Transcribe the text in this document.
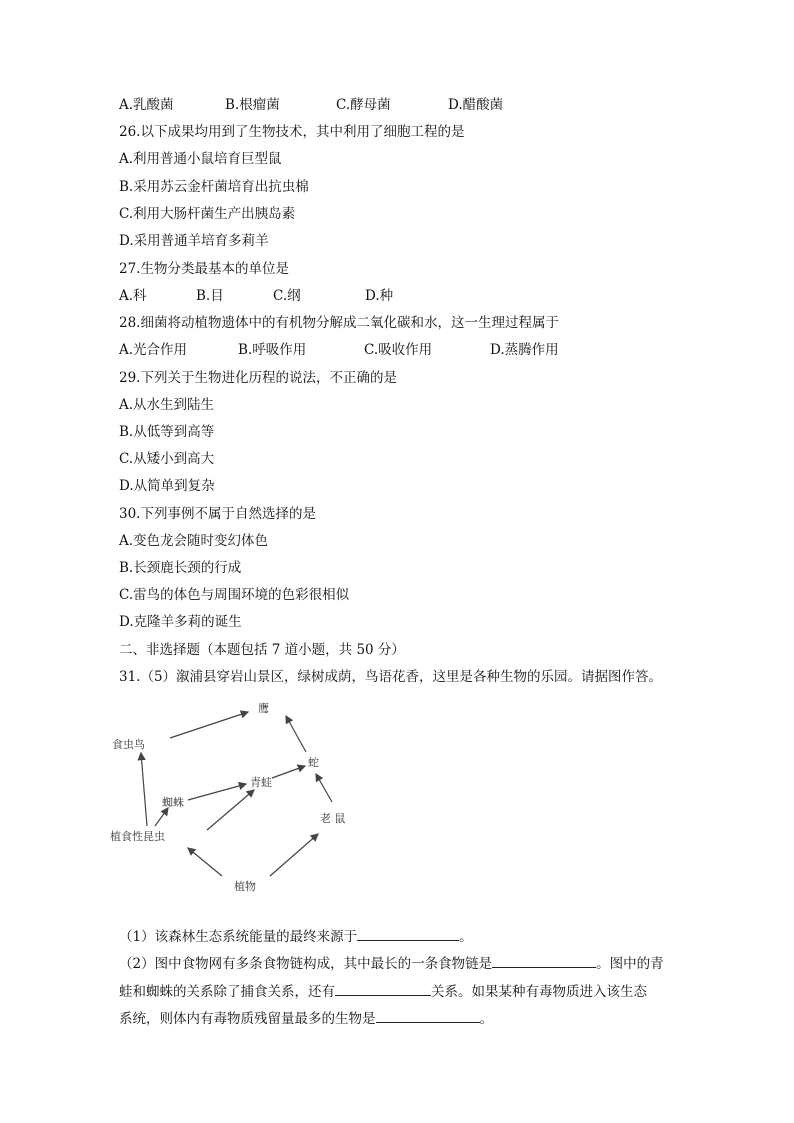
A.乳酸菌	B.根瘤菌	C.酵母菌	D.醋酸菌
26.以下成果均用到了生物技术，其中利用了细胞工程的是
A.利用普通小鼠培育巨型鼠
B.采用苏云金杆菌培育出抗虫棉
C.利用大肠杆菌生产出胰岛素
D.采用普通羊培育多莉羊
27.生物分类最基本的单位是
A.科	B.目	C.纲	D.种
28.细菌将动植物遗体中的有机物分解成二氧化碳和水，这一生理过程属于
A.光合作用	B.呼吸作用	C.吸收作用	D.蒸腾作用
29.下列关于生物进化历程的说法，不正确的是
A.从水生到陆生
B.从低等到高等
C.从矮小到高大
D.从简单到复杂
30.下列事例不属于自然选择的是
A.变色龙会随时变幻体色
B.长颈鹿长颈的行成
C.雷鸟的体色与周围环境的色彩很相似
D.克隆羊多莉的诞生
二、非选择题（本题包括 7 道小题，共 50 分）
31.（5）溆浦县穿岩山景区，绿树成荫，鸟语花香，这里是各种生物的乐园。请据图作答。
鹰
食虫鸟
蛇
青蛙
蜘蛛
老 鼠
植食性昆虫
植物
（1）该森林生态系统能量的最终来源于	。
（2）图中食物网有多条食物链构成，其中最长的一条食物链是	。图中的青
蛙和蜘蛛的关系除了捕食关系，还有	关系。如果某种有毒物质进入该生态
系统，则体内有毒物质残留量最多的生物是	。
